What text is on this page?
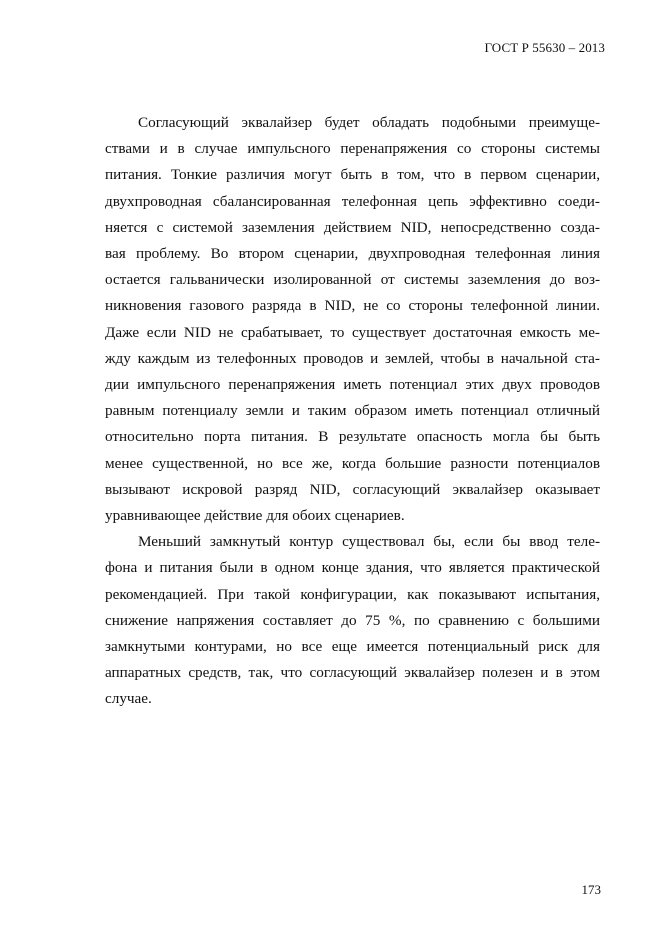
ГОСТ Р 55630 – 2013

Согласующий эквалайзер будет обладать подобными преимуще-
ствами и в случае импульсного перенапряжения со стороны системы
питания. Тонкие различия могут быть в том, что в первом сценарии,
двухпроводная сбалансированная телефонная цепь эффективно соеди-
няется с системой заземления действием NID, непосредственно созда-
вая проблему. Во втором сценарии, двухпроводная телефонная линия
остается гальванически изолированной от системы заземления до воз-
никновения газового разряда в NID, не со стороны телефонной линии.
Даже если NID не срабатывает, то существует достаточная емкость ме-
жду каждым из телефонных проводов и землей, чтобы в начальной ста-
дии импульсного перенапряжения иметь потенциал этих двух проводов
равным потенциалу земли и таким образом иметь потенциал отличный
относительно порта питания. В результате опасность могла бы быть
менее существенной, но все же, когда большие разности потенциалов
вызывают искровой разряд NID, согласующий эквалайзер оказывает
уравнивающее действие для обоих сценариев.

Меньший замкнутый контур существовал бы, если бы ввод теле-
фона и питания были в одном конце здания, что является практической
рекомендацией. При такой конфигурации, как показывают испытания,
снижение напряжения составляет до 75 %, по сравнению с большими
замкнутыми контурами, но все еще имеется потенциальный риск для
аппаратных средств, так, что согласующий эквалайзер полезен и в этом
случае.

173
